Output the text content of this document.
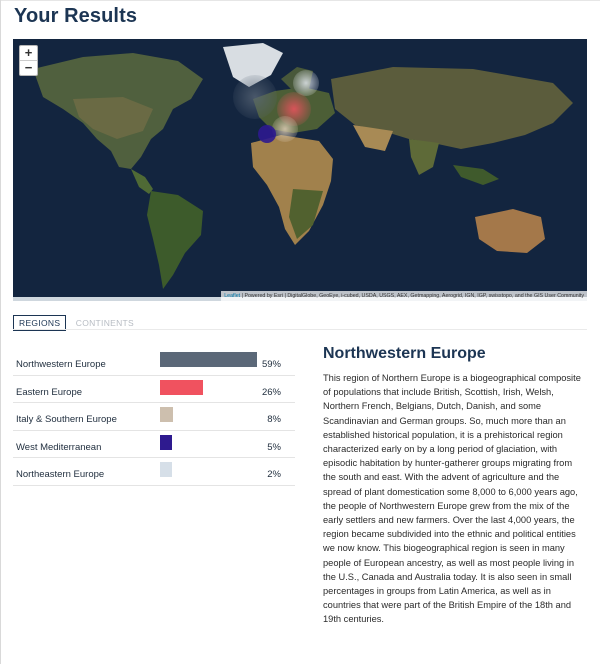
Your Results
+
−
Leaflet | Powered by Esri | DigitalGlobe, GeoEye, i-cubed, USDA, USGS, AEX, Getmapping, Aerogrid, IGN, IGP, swisstopo, and the GIS User Community
REGIONS CONTINENTS
Northwestern Europe	59%
Eastern Europe	26%
Italy & Southern Europe	8%
West Mediterranean	5%
Northeastern Europe	2%
Northwestern Europe

This region of Northern Europe is a biogeographical composite of populations that include British, Scottish, Irish, Welsh, Northern French, Belgians, Dutch, Danish, and some Scandinavian and German groups. So, much more than an established historical population, it is a prehistorical region characterized early on by a long period of glaciation, with episodic habitation by hunter-gatherer groups migrating from the south and east. With the advent of agriculture and the spread of plant domestication some 8,000 to 6,000 years ago, the people of Northwestern Europe grew from the mix of the early settlers and new farmers. Over the last 4,000 years, the region became subdivided into the ethnic and political entities we now know. This biogeographical region is seen in many people of European ancestry, as well as most people living in the U.S., Canada and Australia today. It is also seen in small percentages in groups from Latin America, as well as in countries that were part of the British Empire of the 18th and 19th centuries.
